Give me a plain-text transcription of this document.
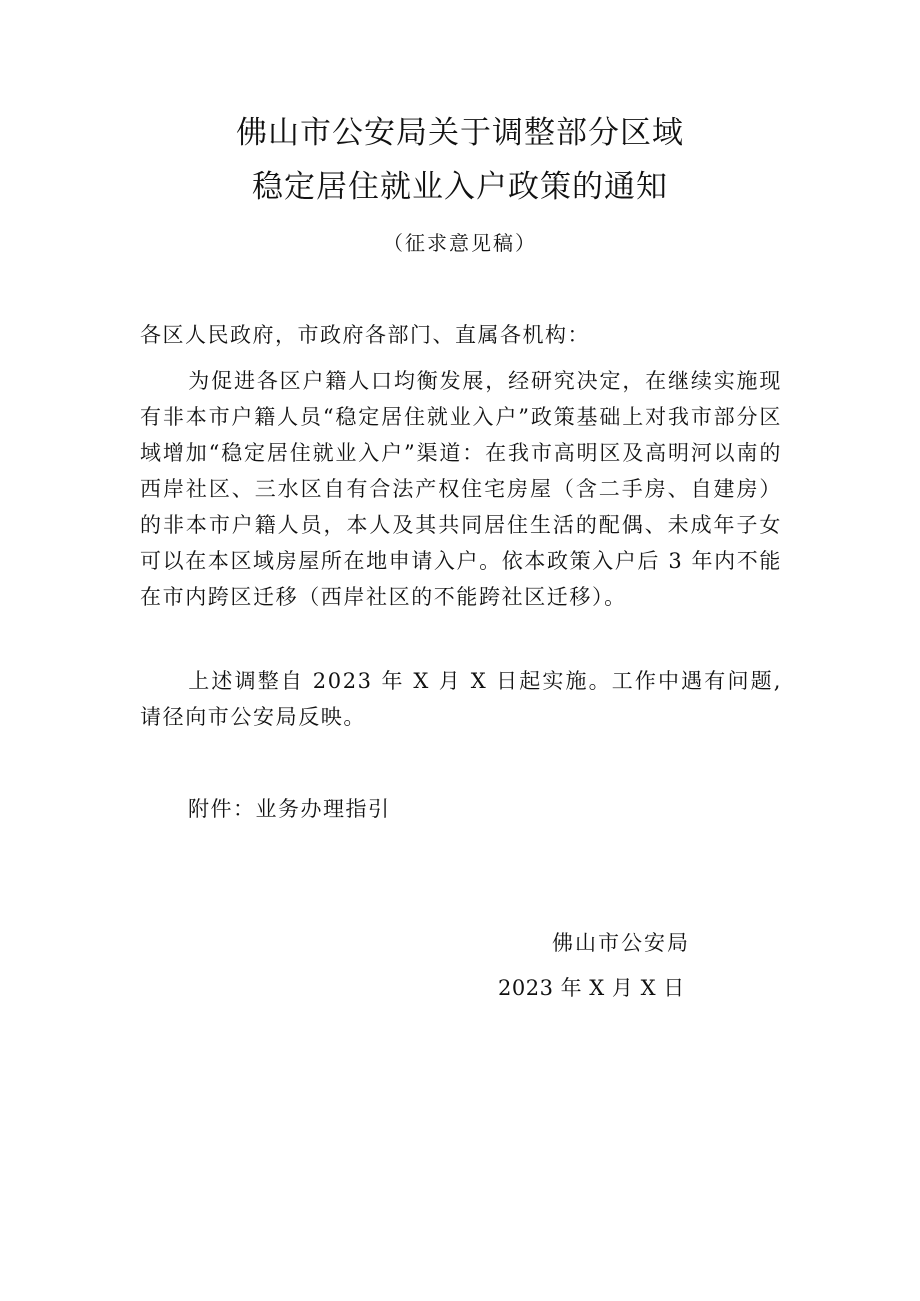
佛山市公安局关于调整部分区域
稳定居住就业入户政策的通知
（征求意见稿）
各区人民政府，市政府各部门、直属各机构：
为促进各区户籍人口均衡发展，经研究决定，在继续实施现有非本市户籍人员“稳定居住就业入户”政策基础上对我市部分区域增加“稳定居住就业入户”渠道：在我市高明区及高明河以南的西岸社区、三水区自有合法产权住宅房屋（含二手房、自建房）的非本市户籍人员，本人及其共同居住生活的配偶、未成年子女可以在本区域房屋所在地申请入户。依本政策入户后 3 年内不能在市内跨区迁移（西岸社区的不能跨社区迁移）。
上述调整自 2023 年 X 月 X 日起实施。工作中遇有问题,请径向市公安局反映。
附件：业务办理指引
佛山市公安局
2023 年 X 月 X 日
